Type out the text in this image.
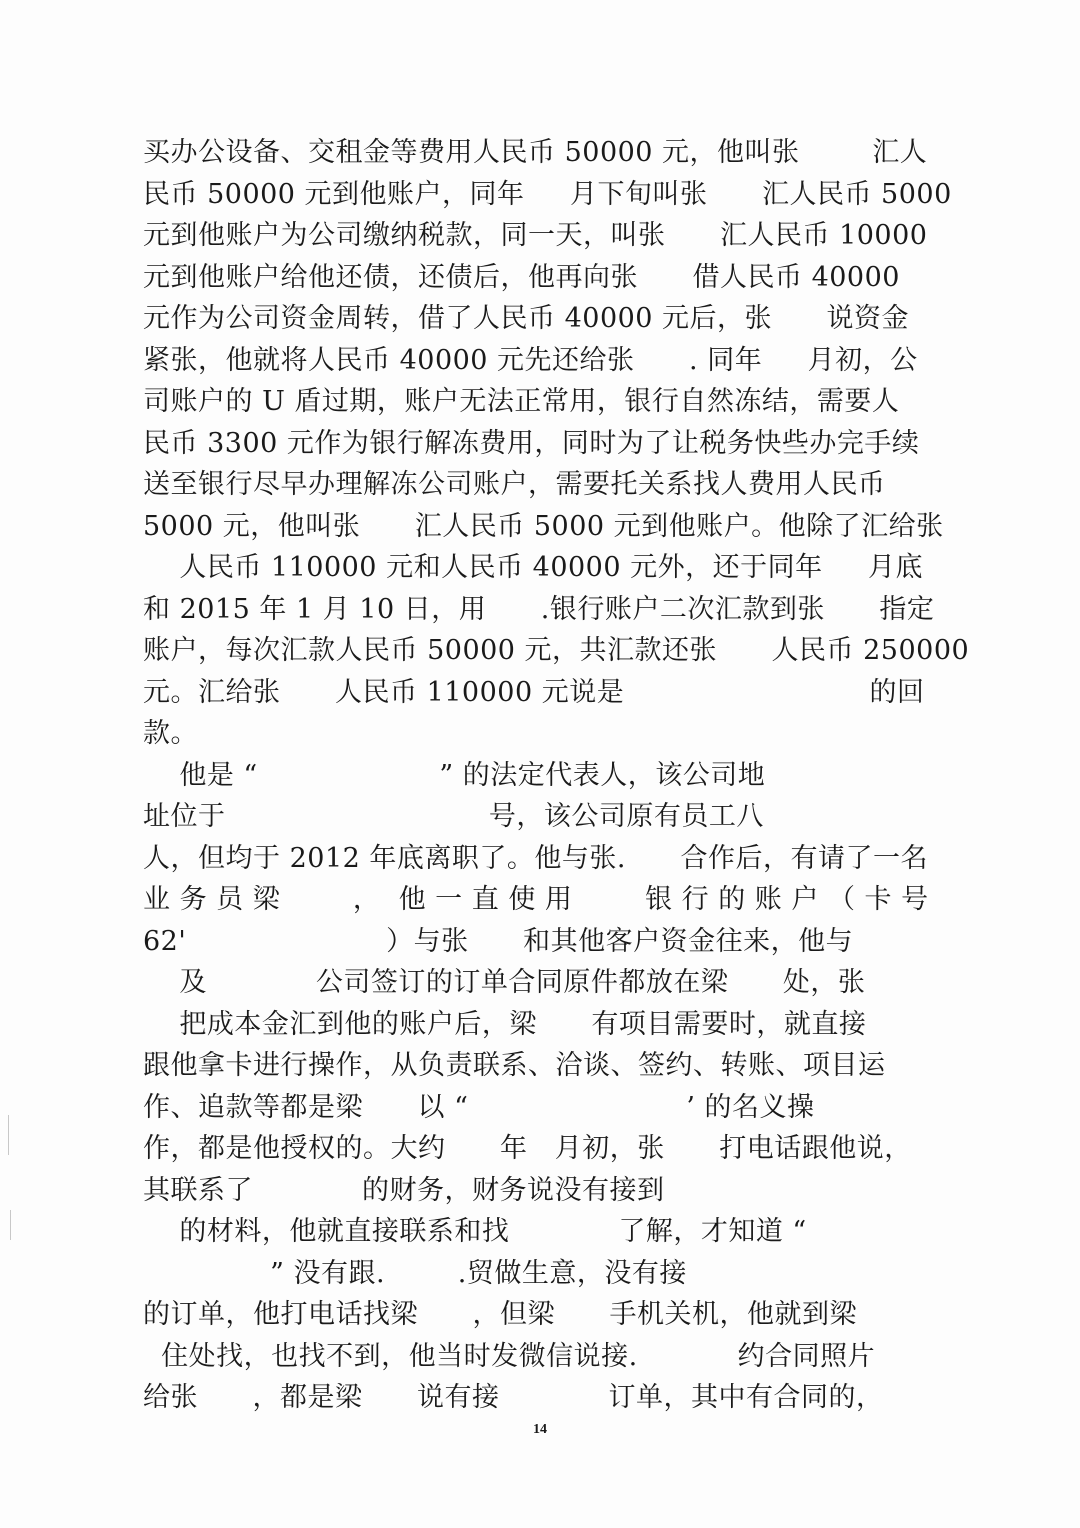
买办公设备、交租金等费用人民币 50000 元，他叫张        汇人
民币 50000 元到他账户，同年     月下旬叫张      汇人民币 5000
元到他账户为公司缴纳税款，同一天，叫张      汇人民币 10000
元到他账户给他还债，还债后，他再向张      借人民币 40000
元作为公司资金周转，借了人民币 40000 元后，张      说资金
紧张，他就将人民币 40000 元先还给张      . 同年     月初，公
司账户的 U 盾过期，账户无法正常用，银行自然冻结，需要人
民币 3300 元作为银行解冻费用，同时为了让税务快些办完手续
送至银行尽早办理解冻公司账户，需要托关系找人费用人民币
5000 元，他叫张      汇人民币 5000 元到他账户。他除了汇给张
人民币 110000 元和人民币 40000 元外，还于同年     月底
和 2015 年 1 月 10 日，用      .银行账户二次汇款到张      指定
账户，每次汇款人民币 50000 元，共汇款还张      人民币 250000
元。汇给张      人民币 110000 元说是                           的回
款。
他是 “                    ” 的法定代表人，该公司地
址位于                             号，该公司原有员工八
人，但均于 2012 年底离职了。他与张.      合作后，有请了一名
业 务 员 梁        ，  他 一 直 使 用        银 行 的 账 户 （ 卡 号
62'                      ）与张      和其他客户资金往来，他与
及            公司签订的订单合同原件都放在梁      处，张
把成本金汇到他的账户后，梁      有项目需要时，就直接
跟他拿卡进行操作，从负责联系、洽谈、签约、转账、项目运
作、追款等都是梁      以 “                        ’ 的名义操
作，都是他授权的。大约      年   月初，张      打电话跟他说，
其联系了            的财务，财务说没有接到
的材料，他就直接联系和找            了解，才知道 “
” 没有跟.        .贸做生意，没有接
的订单，他打电话找梁      ，但梁      手机关机，他就到梁
住处找，也找不到，他当时发微信说接.           约合同照片
给张      ，都是梁      说有接            订单，其中有合同的，
14
